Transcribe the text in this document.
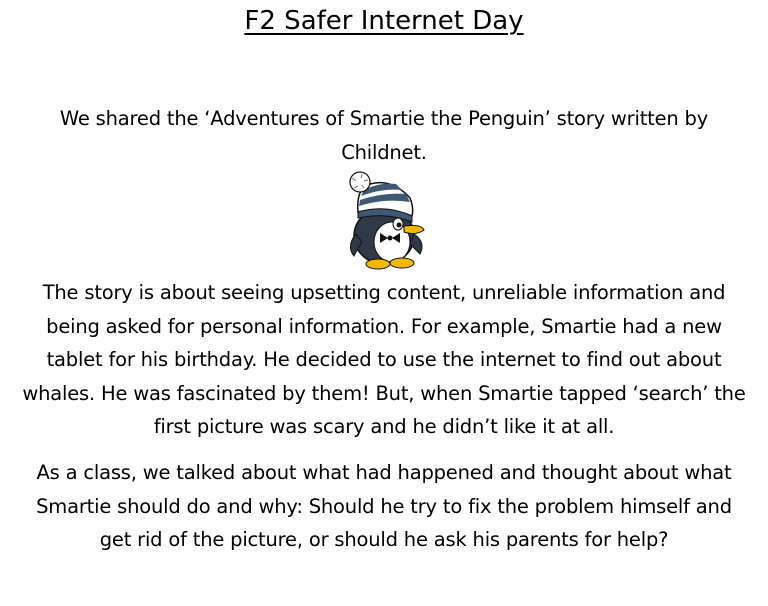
F2 Safer Internet Day

We shared the ‘Adventures of Smartie the Penguin’ story written by Childnet.

The story is about seeing upsetting content, unreliable information and being asked for personal information. For example, Smartie had a new tablet for his birthday. He decided to use the internet to find out about whales. He was fascinated by them! But, when Smartie tapped ‘search’ the first picture was scary and he didn’t like it at all.

As a class, we talked about what had happened and thought about what Smartie should do and why: Should he try to fix the problem himself and get rid of the picture, or should he ask his parents for help?
